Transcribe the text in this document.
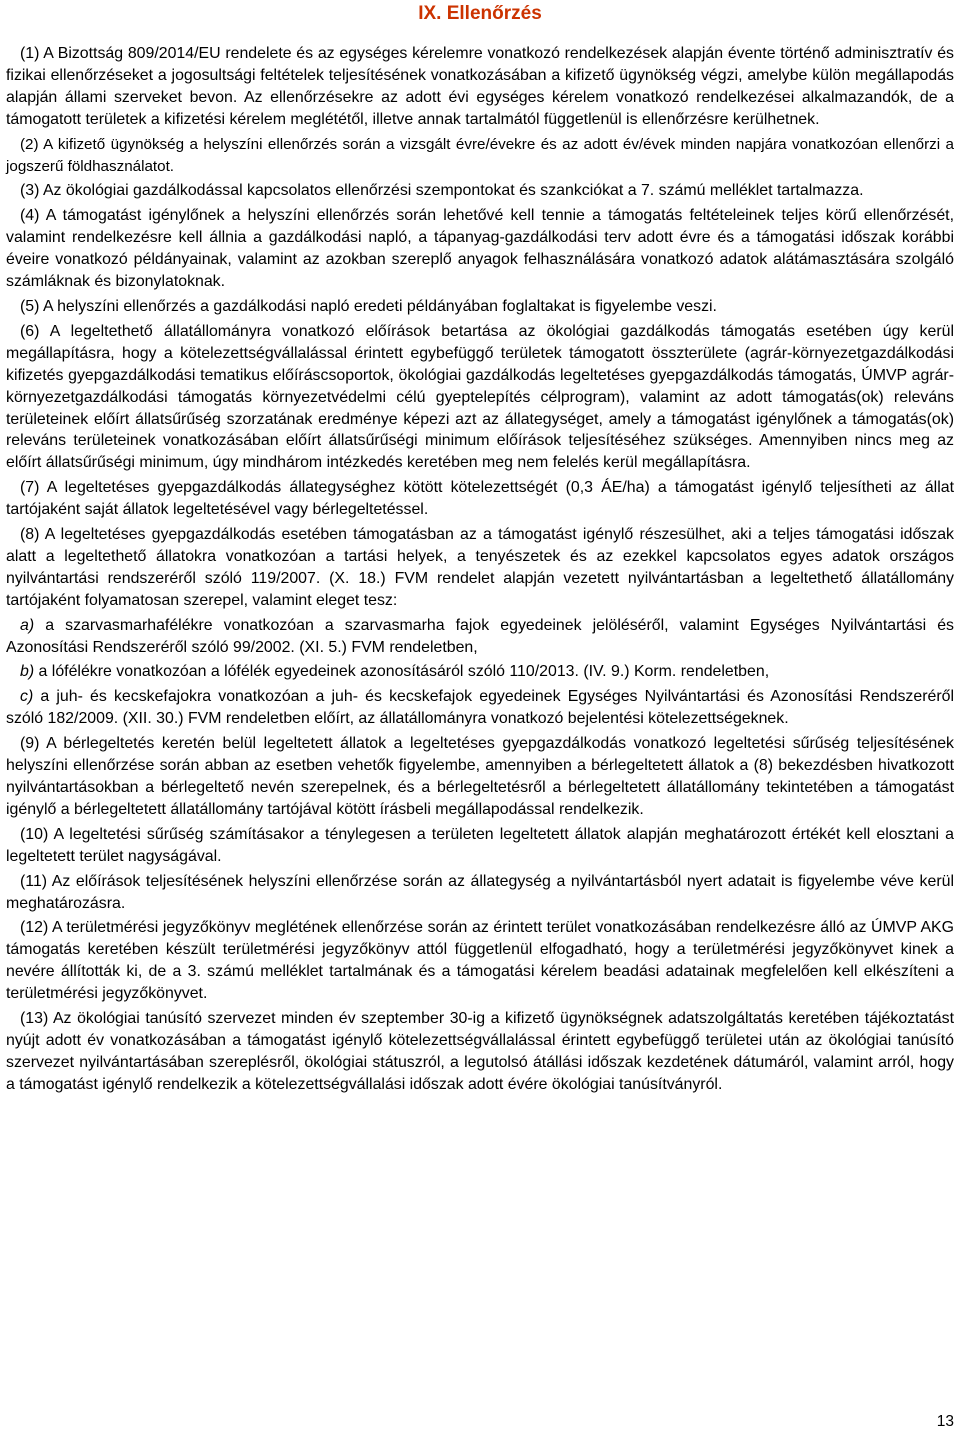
IX. Ellenőrzés

(1) A Bizottság 809/2014/EU rendelete és az egységes kérelemre vonatkozó rendelkezések alapján évente történő adminisztratív és fizikai ellenőrzéseket a jogosultsági feltételek teljesítésének vonatkozásában a kifizető ügynökség végzi, amelybe külön megállapodás alapján állami szerveket bevon. Az ellenőrzésekre az adott évi egységes kérelem vonatkozó rendelkezései alkalmazandók, de a támogatott területek a kifizetési kérelem meglététől, illetve annak tartalmától függetlenül is ellenőrzésre kerülhetnek.

(2) A kifizető ügynökség a helyszíni ellenőrzés során a vizsgált évre/évekre és az adott év/évek minden napjára vonatkozóan ellenőrzi a jogszerű földhasználatot.

(3) Az ökológiai gazdálkodással kapcsolatos ellenőrzési szempontokat és szankciókat a 7. számú melléklet tartalmazza.

(4) A támogatást igénylőnek a helyszíni ellenőrzés során lehetővé kell tennie a támogatás feltételeinek teljes körű ellenőrzését, valamint rendelkezésre kell állnia a gazdálkodási napló, a tápanyag-gazdálkodási terv adott évre és a támogatási időszak korábbi éveire vonatkozó példányainak, valamint az azokban szereplő anyagok felhasználására vonatkozó adatok alátámasztására szolgáló számláknak és bizonylatoknak.

(5) A helyszíni ellenőrzés a gazdálkodási napló eredeti példányában foglaltakat is figyelembe veszi.

(6) A legeltethető állatállományra vonatkozó előírások betartása az ökológiai gazdálkodás támogatás esetében úgy kerül megállapításra, hogy a kötelezettségvállalással érintett egybefüggő területek támogatott összterülete (agrár-környezetgazdálkodási kifizetés gyepgazdálkodási tematikus előíráscsoportok, ökológiai gazdálkodás legeltetéses gyepgazdálkodás támogatás, ÚMVP agrár-környezetgazdálkodási támogatás környezetvédelmi célú gyeptelepítés célprogram), valamint az adott támogatás(ok) releváns területeinek előírt állatsűrűség szorzatának eredménye képezi azt az állategységet, amely a támogatást igénylőnek a támogatás(ok) releváns területeinek vonatkozásában előírt állatsűrűségi minimum előírások teljesítéséhez szükséges. Amennyiben nincs meg az előírt állatsűrűségi minimum, úgy mindhárom intézkedés keretében meg nem felelés kerül megállapításra.

(7) A legeltetéses gyepgazdálkodás állategységhez kötött kötelezettségét (0,3 ÁE/ha) a támogatást igénylő teljesítheti az állat tartójaként saját állatok legeltetésével vagy bérlegeltetéssel.

(8) A legeltetéses gyepgazdálkodás esetében támogatásban az a támogatást igénylő részesülhet, aki a teljes támogatási időszak alatt a legeltethető állatokra vonatkozóan a tartási helyek, a tenyészetek és az ezekkel kapcsolatos egyes adatok országos nyilvántartási rendszeréről szóló 119/2007. (X. 18.) FVM rendelet alapján vezetett nyilvántartásban a legeltethető állatállomány tartójaként folyamatosan szerepel, valamint eleget tesz:

a) a szarvasmarhafélékre vonatkozóan a szarvasmarha fajok egyedeinek jelöléséről, valamint Egységes Nyilvántartási és Azonosítási Rendszeréről szóló 99/2002. (XI. 5.) FVM rendeletben,

b) a lófélékre vonatkozóan a lófélék egyedeinek azonosításáról szóló 110/2013. (IV. 9.) Korm. rendeletben,

c) a juh- és kecskefajokra vonatkozóan a juh- és kecskefajok egyedeinek Egységes Nyilvántartási és Azonosítási Rendszeréről szóló 182/2009. (XII. 30.) FVM rendeletben előírt, az állatállományra vonatkozó bejelentési kötelezettségeknek.

(9) A bérlegeltetés keretén belül legeltetett állatok a legeltetéses gyepgazdálkodás vonatkozó legeltetési sűrűség teljesítésének helyszíni ellenőrzése során abban az esetben vehetők figyelembe, amennyiben a bérlegeltetett állatok a (8) bekezdésben hivatkozott nyilvántartásokban a bérlegeltető nevén szerepelnek, és a bérlegeltetésről a bérlegeltetett állatállomány tekintetében a támogatást igénylő a bérlegeltetett állatállomány tartójával kötött írásbeli megállapodással rendelkezik.

(10) A legeltetési sűrűség számításakor a ténylegesen a területen legeltetett állatok alapján meghatározott értékét kell elosztani a legeltetett terület nagyságával.

(11) Az előírások teljesítésének helyszíni ellenőrzése során az állategység a nyilvántartásból nyert adatait is figyelembe véve kerül meghatározásra.

(12) A területmérési jegyzőkönyv meglétének ellenőrzése során az érintett terület vonatkozásában rendelkezésre álló az ÚMVP AKG támogatás keretében készült területmérési jegyzőkönyv attól függetlenül elfogadható, hogy a területmérési jegyzőkönyvet kinek a nevére állították ki, de a 3. számú melléklet tartalmának és a támogatási kérelem beadási adatainak megfelelően kell elkészíteni a területmérési jegyzőkönyvet.

(13) Az ökológiai tanúsító szervezet minden év szeptember 30-ig a kifizető ügynökségnek adatszolgáltatás keretében tájékoztatást nyújt adott év vonatkozásában a támogatást igénylő kötelezettségvállalással érintett egybefüggő területei után az ökológiai tanúsító szervezet nyilvántartásában szereplésről, ökológiai státuszról, a legutolsó átállási időszak kezdetének dátumáról, valamint arról, hogy a támogatást igénylő rendelkezik a kötelezettségvállalási időszak adott évére ökológiai tanúsítványról.

13
